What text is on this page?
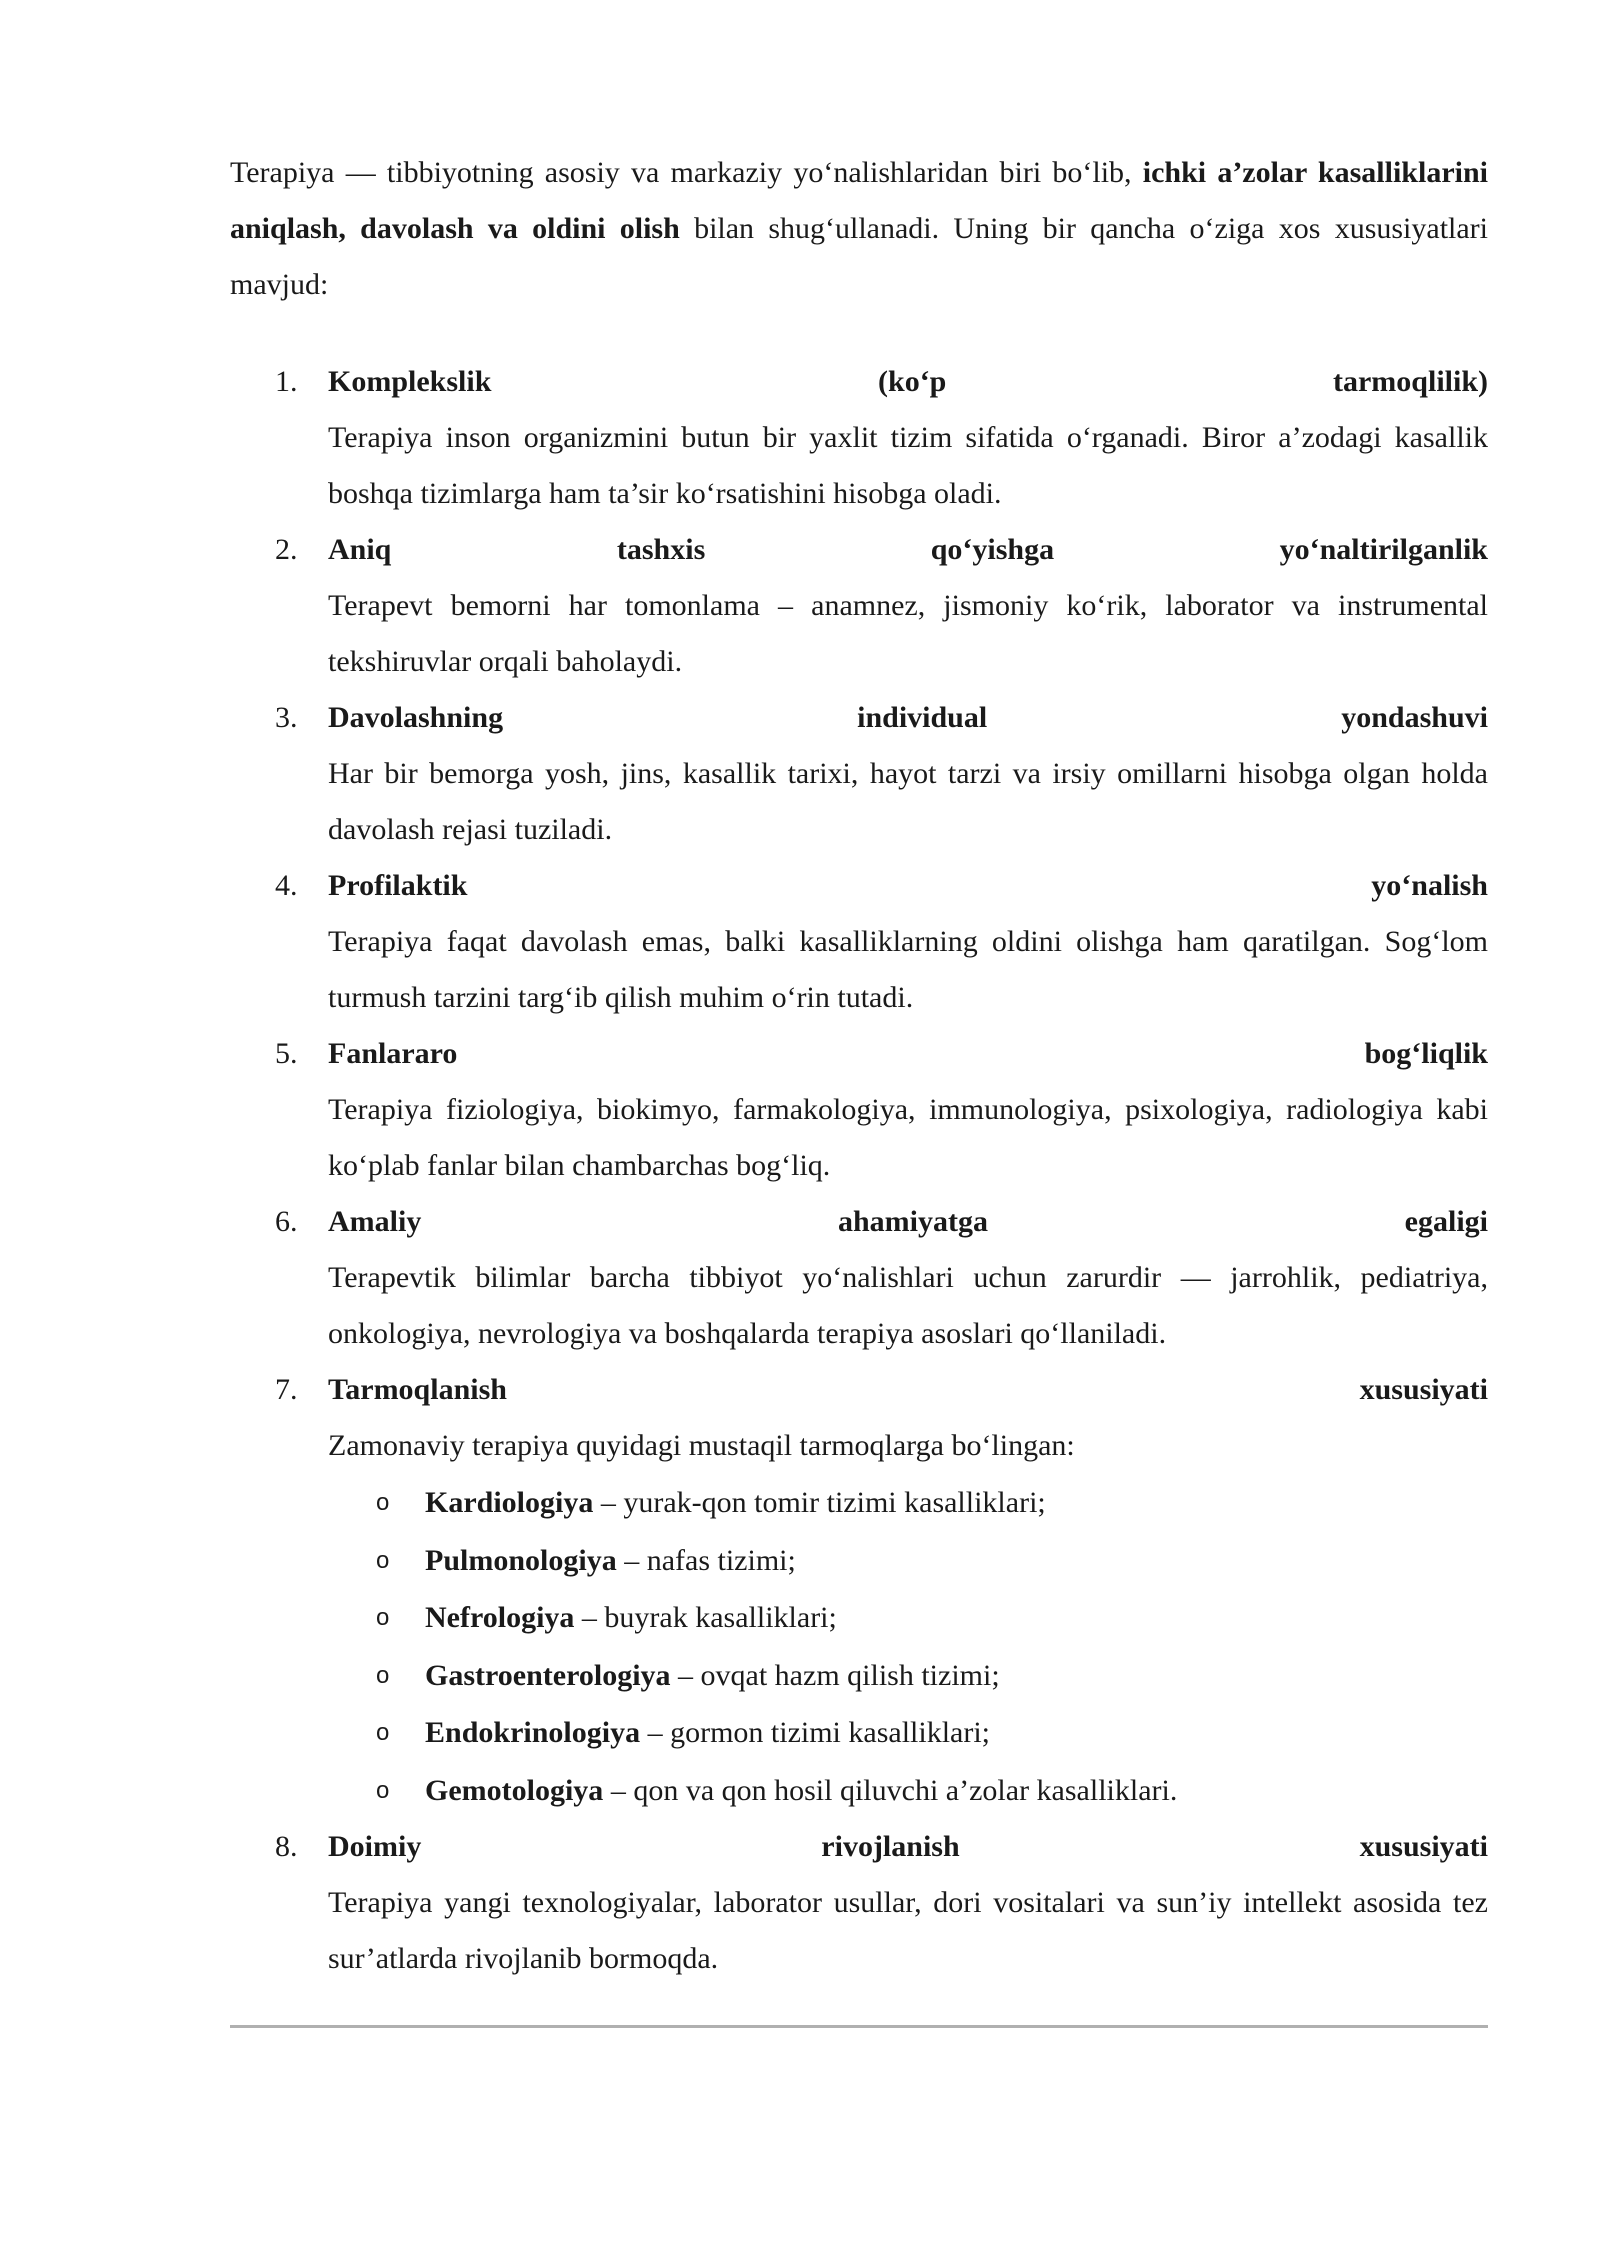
Terapiya — tibbiyotning asosiy va markaziy yo‘nalishlaridan biri bo‘lib, ichki a’zolar kasalliklarini aniqlash, davolash va oldini olish bilan shug‘ullanadi. Uning bir qancha o‘ziga xos xususiyatlari mavjud:

1.	Komplekslik (ko‘p tarmoqlilik)
Terapiya inson organizmini butun bir yaxlit tizim sifatida o‘rganadi. Biror a’zodagi kasallik boshqa tizimlarga ham ta’sir ko‘rsatishini hisobga oladi.
2.	Aniq tashxis qo‘yishga yo‘naltirilganlik
Terapevt bemorni har tomonlama – anamnez, jismoniy ko‘rik, laborator va instrumental tekshiruvlar orqali baholaydi.
3.	Davolashning individual yondashuvi
Har bir bemorga yosh, jins, kasallik tarixi, hayot tarzi va irsiy omillarni hisobga olgan holda davolash rejasi tuziladi.
4.	Profilaktik yo‘nalish
Terapiya faqat davolash emas, balki kasalliklarning oldini olishga ham qaratilgan. Sog‘lom turmush tarzini targ‘ib qilish muhim o‘rin tutadi.
5.	Fanlararo bog‘liqlik
Terapiya fiziologiya, biokimyo, farmakologiya, immunologiya, psixologiya, radiologiya kabi ko‘plab fanlar bilan chambarchas bog‘liq.
6.	Amaliy ahamiyatga egaligi
Terapevtik bilimlar barcha tibbiyot yo‘nalishlari uchun zarurdir — jarrohlik, pediatriya, onkologiya, nevrologiya va boshqalarda terapiya asoslari qo‘llaniladi.
7.	Tarmoqlanish xususiyati
Zamonaviy terapiya quyidagi mustaqil tarmoqlarga bo‘lingan:
o Kardiologiya – yurak-qon tomir tizimi kasalliklari;
o Pulmonologiya – nafas tizimi;
o Nefrologiya – buyrak kasalliklari;
o Gastroenterologiya – ovqat hazm qilish tizimi;
o Endokrinologiya – gormon tizimi kasalliklari;
o Gemotologiya – qon va qon hosil qiluvchi a’zolar kasalliklari.
8.	Doimiy rivojlanish xususiyati
Terapiya yangi texnologiyalar, laborator usullar, dori vositalari va sun’iy intellekt asosida tez sur’atlarda rivojlanib bormoqda.
